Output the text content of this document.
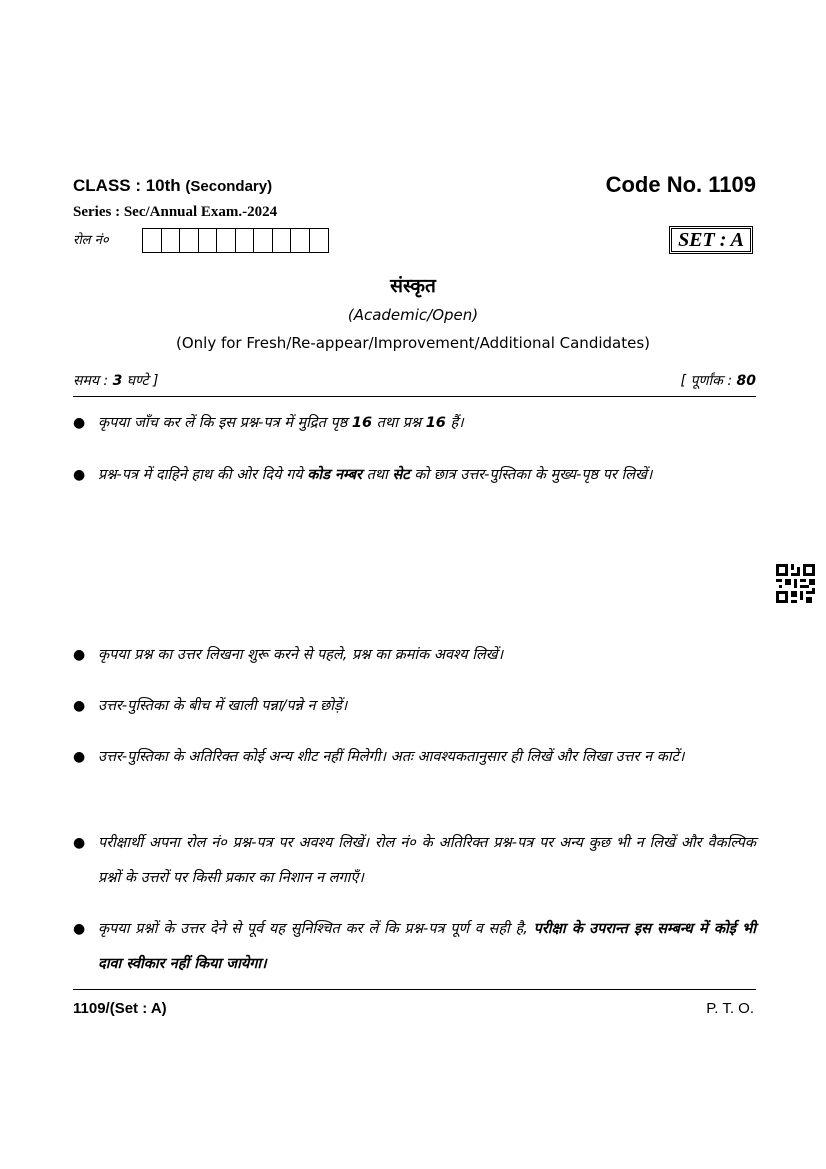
CLASS : 10th (Secondary)	Code No. 1109
Series : Sec/Annual Exam.-2024
रोल नं०	SET : A
संस्कृत
(Academic/Open)
(Only for Fresh/Re-appear/Improvement/Additional Candidates)
समय : 3 घण्टे ]	[ पूर्णांक : 80
● कृपया जाँच कर लें कि इस प्रश्न-पत्र में मुद्रित पृष्ठ 16 तथा प्रश्न 16 हैं।
● प्रश्न-पत्र में दाहिने हाथ की ओर दिये गये कोड नम्बर तथा सेट को छात्र उत्तर-पुस्तिका के मुख्य-पृष्ठ पर लिखें।
● कृपया प्रश्न का उत्तर लिखना शुरू करने से पहले, प्रश्न का क्रमांक अवश्य लिखें।
● उत्तर-पुस्तिका के बीच में खाली पन्ना/पन्ने न छोड़ें।
● उत्तर-पुस्तिका के अतिरिक्त कोई अन्य शीट नहीं मिलेगी। अतः आवश्यकतानुसार ही लिखें और लिखा उत्तर न काटें।
● परीक्षार्थी अपना रोल नं० प्रश्न-पत्र पर अवश्य लिखें। रोल नं० के अतिरिक्त प्रश्न-पत्र पर अन्य कुछ भी न लिखें और वैकल्पिक प्रश्नों के उत्तरों पर किसी प्रकार का निशान न लगाएँ।
● कृपया प्रश्नों के उत्तर देने से पूर्व यह सुनिश्चित कर लें कि प्रश्न-पत्र पूर्ण व सही है, परीक्षा के उपरान्त इस सम्बन्ध में कोई भी दावा स्वीकार नहीं किया जायेगा।
1109/(Set : A)	P. T. O.
